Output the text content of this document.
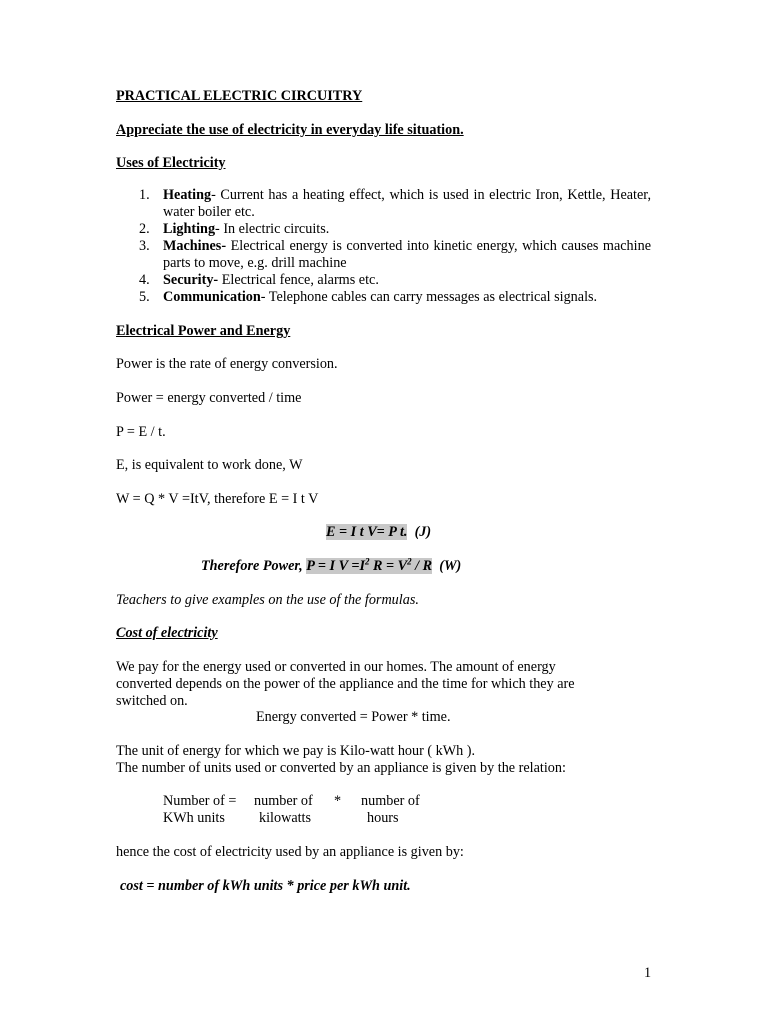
PRACTICAL ELECTRIC CIRCUITRY
Appreciate the use of electricity in everyday life situation.
Uses of Electricity
1. Heating- Current has a heating effect, which is used in electric Iron, Kettle, Heater, water boiler etc.
2. Lighting- In electric circuits.
3. Machines- Electrical energy is converted into kinetic energy, which causes machine parts to move, e.g. drill machine
4. Security- Electrical fence, alarms etc.
5. Communication- Telephone cables can carry messages as electrical signals.
Electrical Power and Energy
Power is the rate of energy conversion.
Power = energy converted / time
P = E / t.
E, is equivalent to work done, W
W = Q * V =ItV, therefore E = I t V
E = I t V= P t. (J)
Therefore Power, P = I $V =I^2$ $R = V^2 / R$ (W)
Teachers to give examples on the use of the formulas.
Cost of electricity
We pay for the energy used or converted in our homes. The amount of energy
converted depends on the power of the appliance and the time for which they are
switched on.
Energy converted = Power * time.
The unit of energy for which we pay is Kilo-watt hour ( kWh ).
The number of units used or converted by an appliance is given by the relation:
Number of =
KWh units
number of
kilowatts
* number of
hours
hence the cost of electricity used by an appliance is given by:
cost = number of kWh units * price per kWh unit.
1
